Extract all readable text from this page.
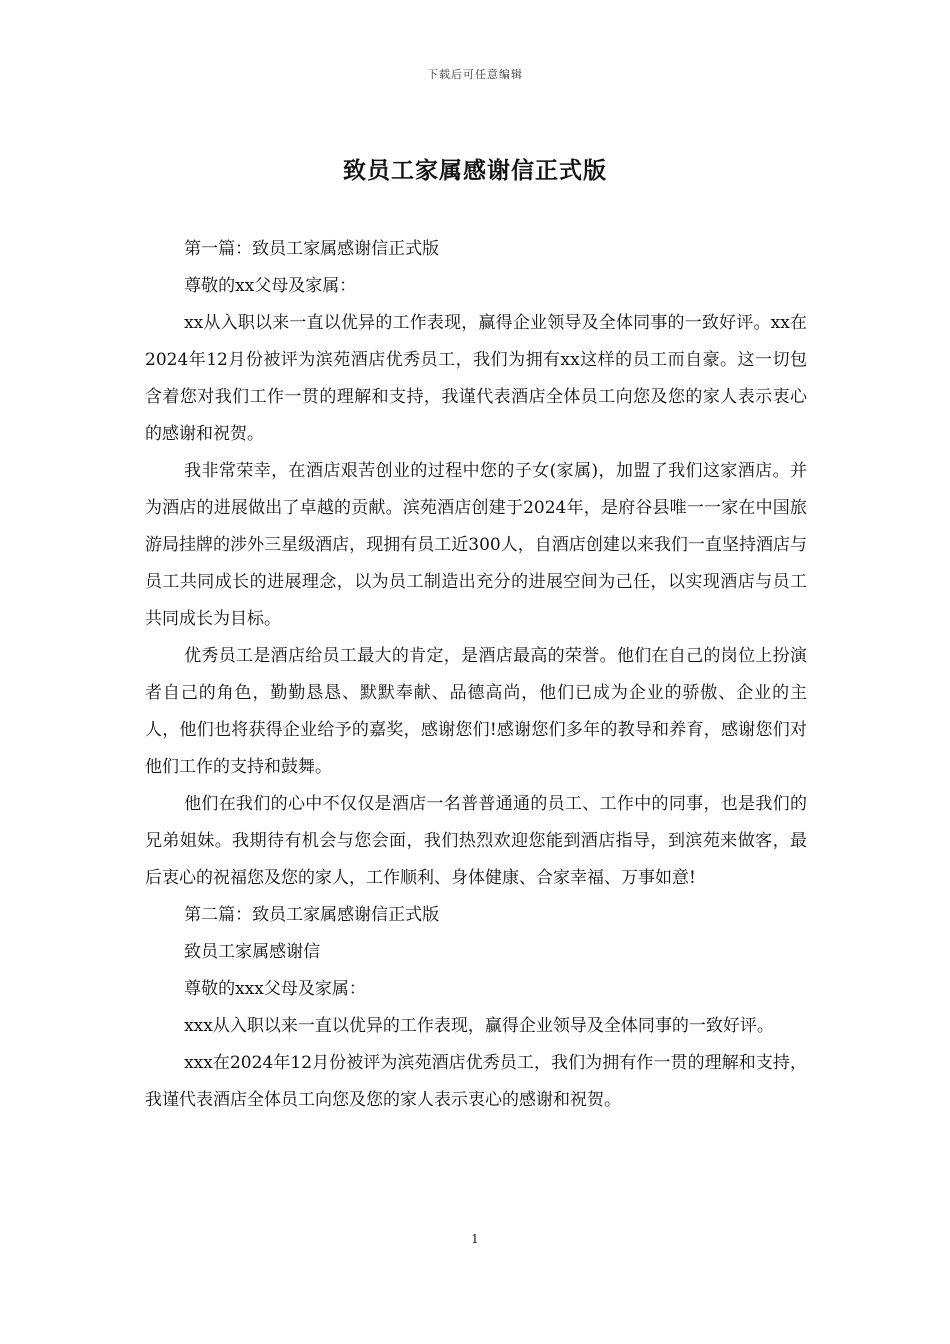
下载后可任意编辑
致员工家属感谢信正式版

第一篇：致员工家属感谢信正式版

尊敬的xx父母及家属：

xx从入职以来一直以优异的工作表现，赢得企业领导及全体同事的一致好评。xx在2024年12月份被评为滨苑酒店优秀员工，我们为拥有xx这样的员工而自豪。这一切包含着您对我们工作一贯的理解和支持，我谨代表酒店全体员工向您及您的家人表示衷心的感谢和祝贺。

我非常荣幸，在酒店艰苦创业的过程中您的子女(家属)，加盟了我们这家酒店。并为酒店的进展做出了卓越的贡献。滨苑酒店创建于2024年，是府谷县唯一一家在中国旅游局挂牌的涉外三星级酒店，现拥有员工近300人，自酒店创建以来我们一直坚持酒店与员工共同成长的进展理念，以为员工制造出充分的进展空间为己任，以实现酒店与员工共同成长为目标。

优秀员工是酒店给员工最大的肯定，是酒店最高的荣誉。他们在自己的岗位上扮演者自己的角色，勤勤恳恳、默默奉献、品德高尚，他们已成为企业的骄傲、企业的主人，他们也将获得企业给予的嘉奖，感谢您们!感谢您们多年的教导和养育，感谢您们对他们工作的支持和鼓舞。

他们在我们的心中不仅仅是酒店一名普普通通的员工、工作中的同事，也是我们的兄弟姐妹。我期待有机会与您会面，我们热烈欢迎您能到酒店指导，到滨苑来做客，最后衷心的祝福您及您的家人，工作顺利、身体健康、合家幸福、万事如意!

第二篇：致员工家属感谢信正式版

致员工家属感谢信

尊敬的xxx父母及家属：

xxx从入职以来一直以优异的工作表现，赢得企业领导及全体同事的一致好评。

xxx在2024年12月份被评为滨苑酒店优秀员工，我们为拥有作一贯的理解和支持，我谨代表酒店全体员工向您及您的家人表示衷心的感谢和祝贺。

1
